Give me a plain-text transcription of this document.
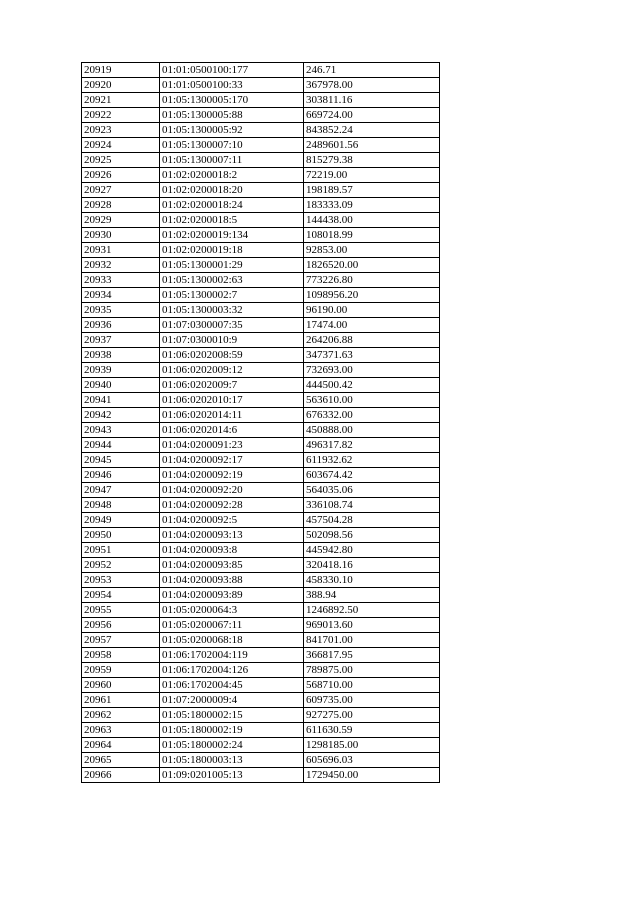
20919	01:01:0500100:177	246.71
20920	01:01:0500100:33	367978.00
20921	01:05:1300005:170	303811.16
20922	01:05:1300005:88	669724.00
20923	01:05:1300005:92	843852.24
20924	01:05:1300007:10	2489601.56
20925	01:05:1300007:11	815279.38
20926	01:02:0200018:2	72219.00
20927	01:02:0200018:20	198189.57
20928	01:02:0200018:24	183333.09
20929	01:02:0200018:5	144438.00
20930	01:02:0200019:134	108018.99
20931	01:02:0200019:18	92853.00
20932	01:05:1300001:29	1826520.00
20933	01:05:1300002:63	773226.80
20934	01:05:1300002:7	1098956.20
20935	01:05:1300003:32	96190.00
20936	01:07:0300007:35	17474.00
20937	01:07:0300010:9	264206.88
20938	01:06:0202008:59	347371.63
20939	01:06:0202009:12	732693.00
20940	01:06:0202009:7	444500.42
20941	01:06:0202010:17	563610.00
20942	01:06:0202014:11	676332.00
20943	01:06:0202014:6	450888.00
20944	01:04:0200091:23	496317.82
20945	01:04:0200092:17	611932.62
20946	01:04:0200092:19	603674.42
20947	01:04:0200092:20	564035.06
20948	01:04:0200092:28	336108.74
20949	01:04:0200092:5	457504.28
20950	01:04:0200093:13	502098.56
20951	01:04:0200093:8	445942.80
20952	01:04:0200093:85	320418.16
20953	01:04:0200093:88	458330.10
20954	01:04:0200093:89	388.94
20955	01:05:0200064:3	1246892.50
20956	01:05:0200067:11	969013.60
20957	01:05:0200068:18	841701.00
20958	01:06:1702004:119	366817.95
20959	01:06:1702004:126	789875.00
20960	01:06:1702004:45	568710.00
20961	01:07:2000009:4	609735.00
20962	01:05:1800002:15	927275.00
20963	01:05:1800002:19	611630.59
20964	01:05:1800002:24	1298185.00
20965	01:05:1800003:13	605696.03
20966	01:09:0201005:13	1729450.00
